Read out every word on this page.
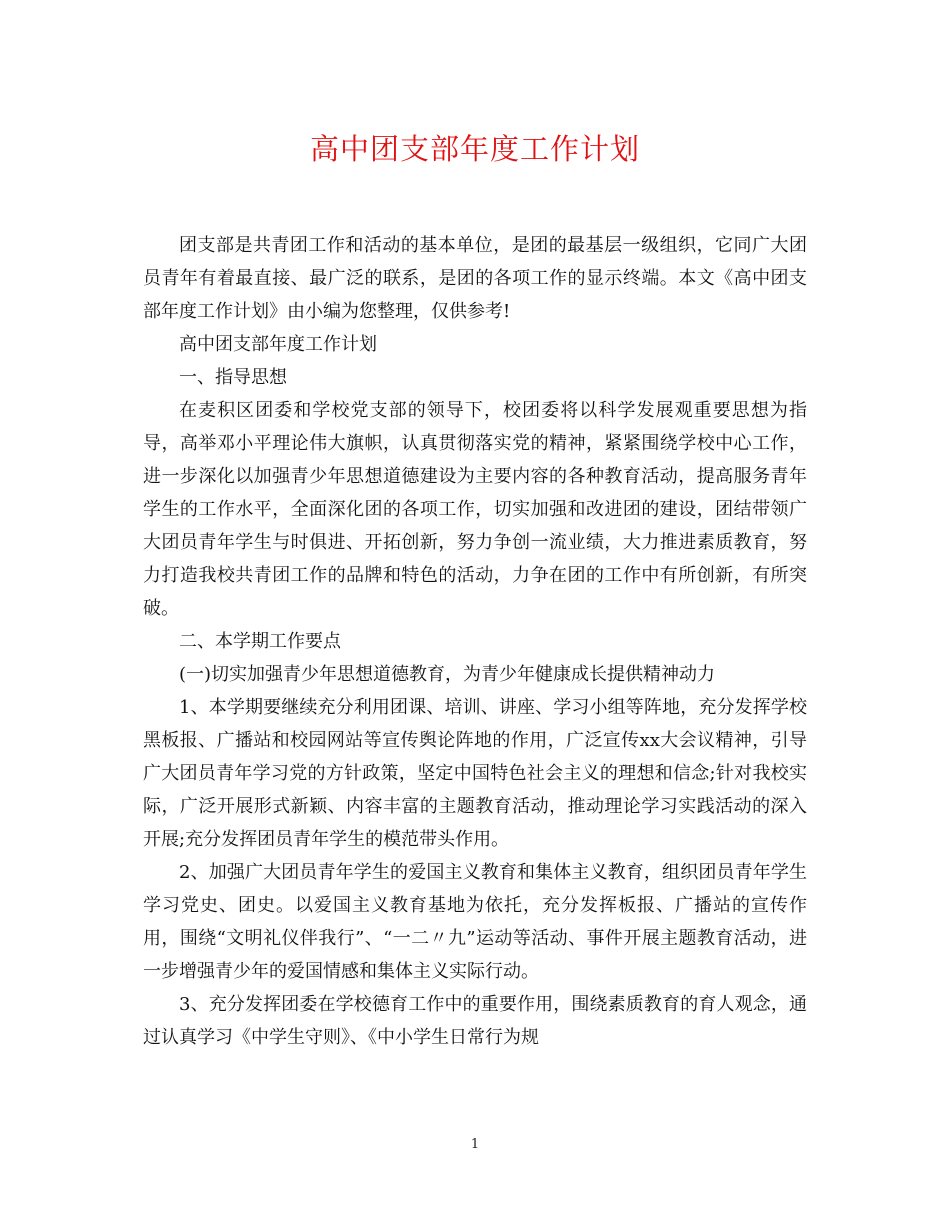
高中团支部年度工作计划

团支部是共青团工作和活动的基本单位，是团的最基层一级组织，它同广大团员青年有着最直接、最广泛的联系，是团的各项工作的显示终端。本文《高中团支部年度工作计划》由小编为您整理，仅供参考!

高中团支部年度工作计划

一、指导思想

在麦积区团委和学校党支部的领导下，校团委将以科学发展观重要思想为指导，高举邓小平理论伟大旗帜，认真贯彻落实党的精神，紧紧围绕学校中心工作，进一步深化以加强青少年思想道德建设为主要内容的各种教育活动，提高服务青年学生的工作水平，全面深化团的各项工作，切实加强和改进团的建设，团结带领广大团员青年学生与时俱进、开拓创新，努力争创一流业绩，大力推进素质教育，努力打造我校共青团工作的品牌和特色的活动，力争在团的工作中有所创新，有所突破。

二、本学期工作要点

(一)切实加强青少年思想道德教育，为青少年健康成长提供精神动力

1、本学期要继续充分利用团课、培训、讲座、学习小组等阵地，充分发挥学校黑板报、广播站和校园网站等宣传舆论阵地的作用，广泛宣传xx大会议精神，引导广大团员青年学习党的方针政策，坚定中国特色社会主义的理想和信念;针对我校实际，广泛开展形式新颖、内容丰富的主题教育活动，推动理论学习实践活动的深入开展;充分发挥团员青年学生的模范带头作用。

2、加强广大团员青年学生的爱国主义教育和集体主义教育，组织团员青年学生学习党史、团史。以爱国主义教育基地为依托，充分发挥板报、广播站的宣传作用，围绕“文明礼仪伴我行”、“一二〃九”运动等活动、事件开展主题教育活动，进一步增强青少年的爱国情感和集体主义实际行动。

3、充分发挥团委在学校德育工作中的重要作用，围绕素质教育的育人观念，通过认真学习《中学生守则》、《中小学生日常行为规

1
